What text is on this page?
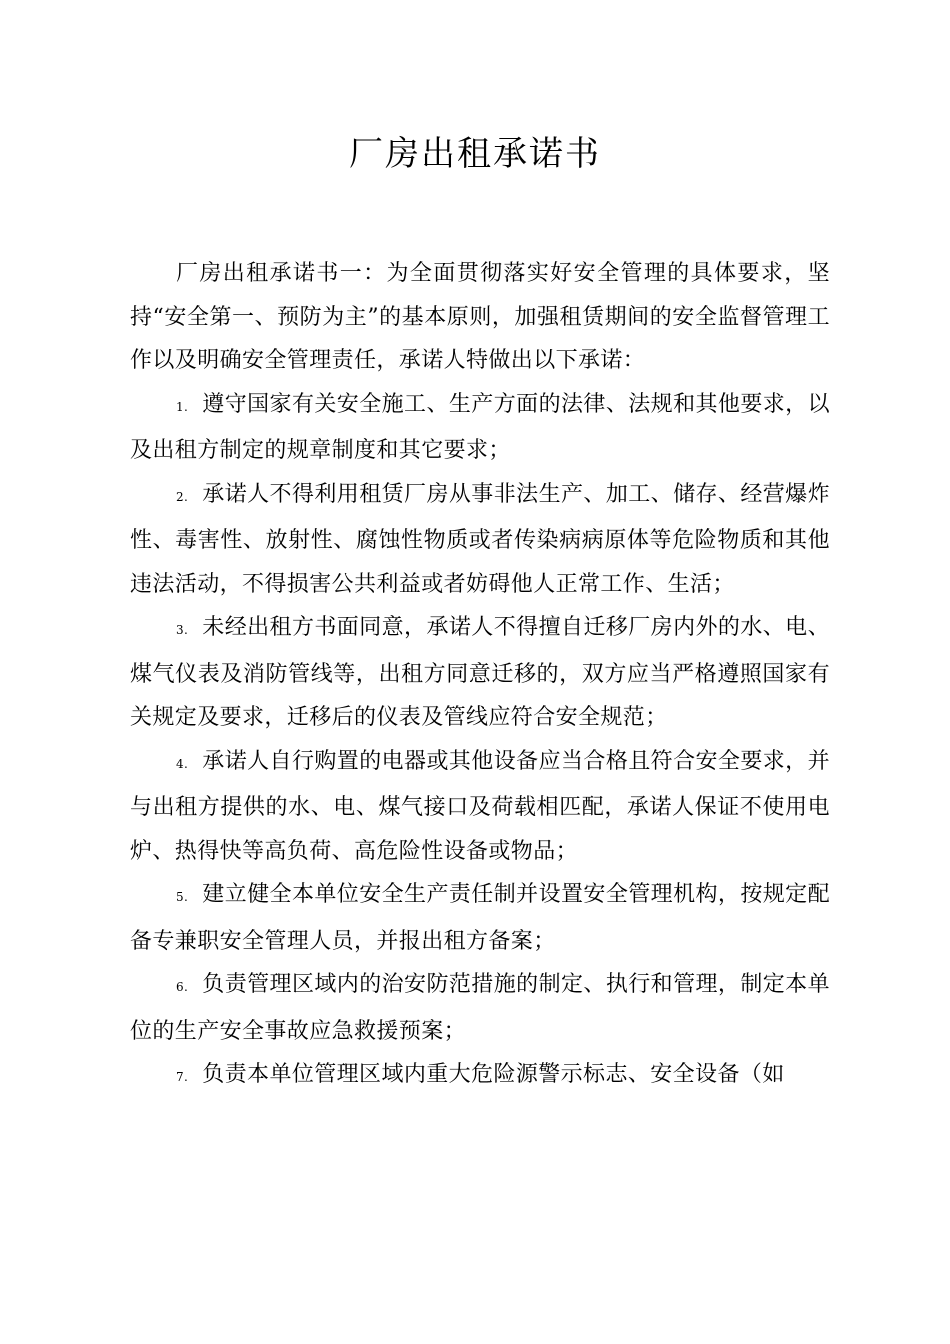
厂房出租承诺书

厂房出租承诺书一：为全面贯彻落实好安全管理的具体要求，坚持“安全第一、预防为主”的基本原则，加强租赁期间的安全监督管理工作以及明确安全管理责任，承诺人特做出以下承诺：

1. 遵守国家有关安全施工、生产方面的法律、法规和其他要求，以及出租方制定的规章制度和其它要求；

2. 承诺人不得利用租赁厂房从事非法生产、加工、储存、经营爆炸性、毒害性、放射性、腐蚀性物质或者传染病病原体等危险物质和其他违法活动，不得损害公共利益或者妨碍他人正常工作、生活；

3. 未经出租方书面同意，承诺人不得擅自迁移厂房内外的水、电、煤气仪表及消防管线等，出租方同意迁移的，双方应当严格遵照国家有关规定及要求，迁移后的仪表及管线应符合安全规范；

4. 承诺人自行购置的电器或其他设备应当合格且符合安全要求，并与出租方提供的水、电、煤气接口及荷载相匹配，承诺人保证不使用电炉、热得快等高负荷、高危险性设备或物品；

5. 建立健全本单位安全生产责任制并设置安全管理机构，按规定配备专兼职安全管理人员，并报出租方备案；

6. 负责管理区域内的治安防范措施的制定、执行和管理，制定本单位的生产安全事故应急救援预案；

7. 负责本单位管理区域内重大危险源警示标志、安全设备（如
